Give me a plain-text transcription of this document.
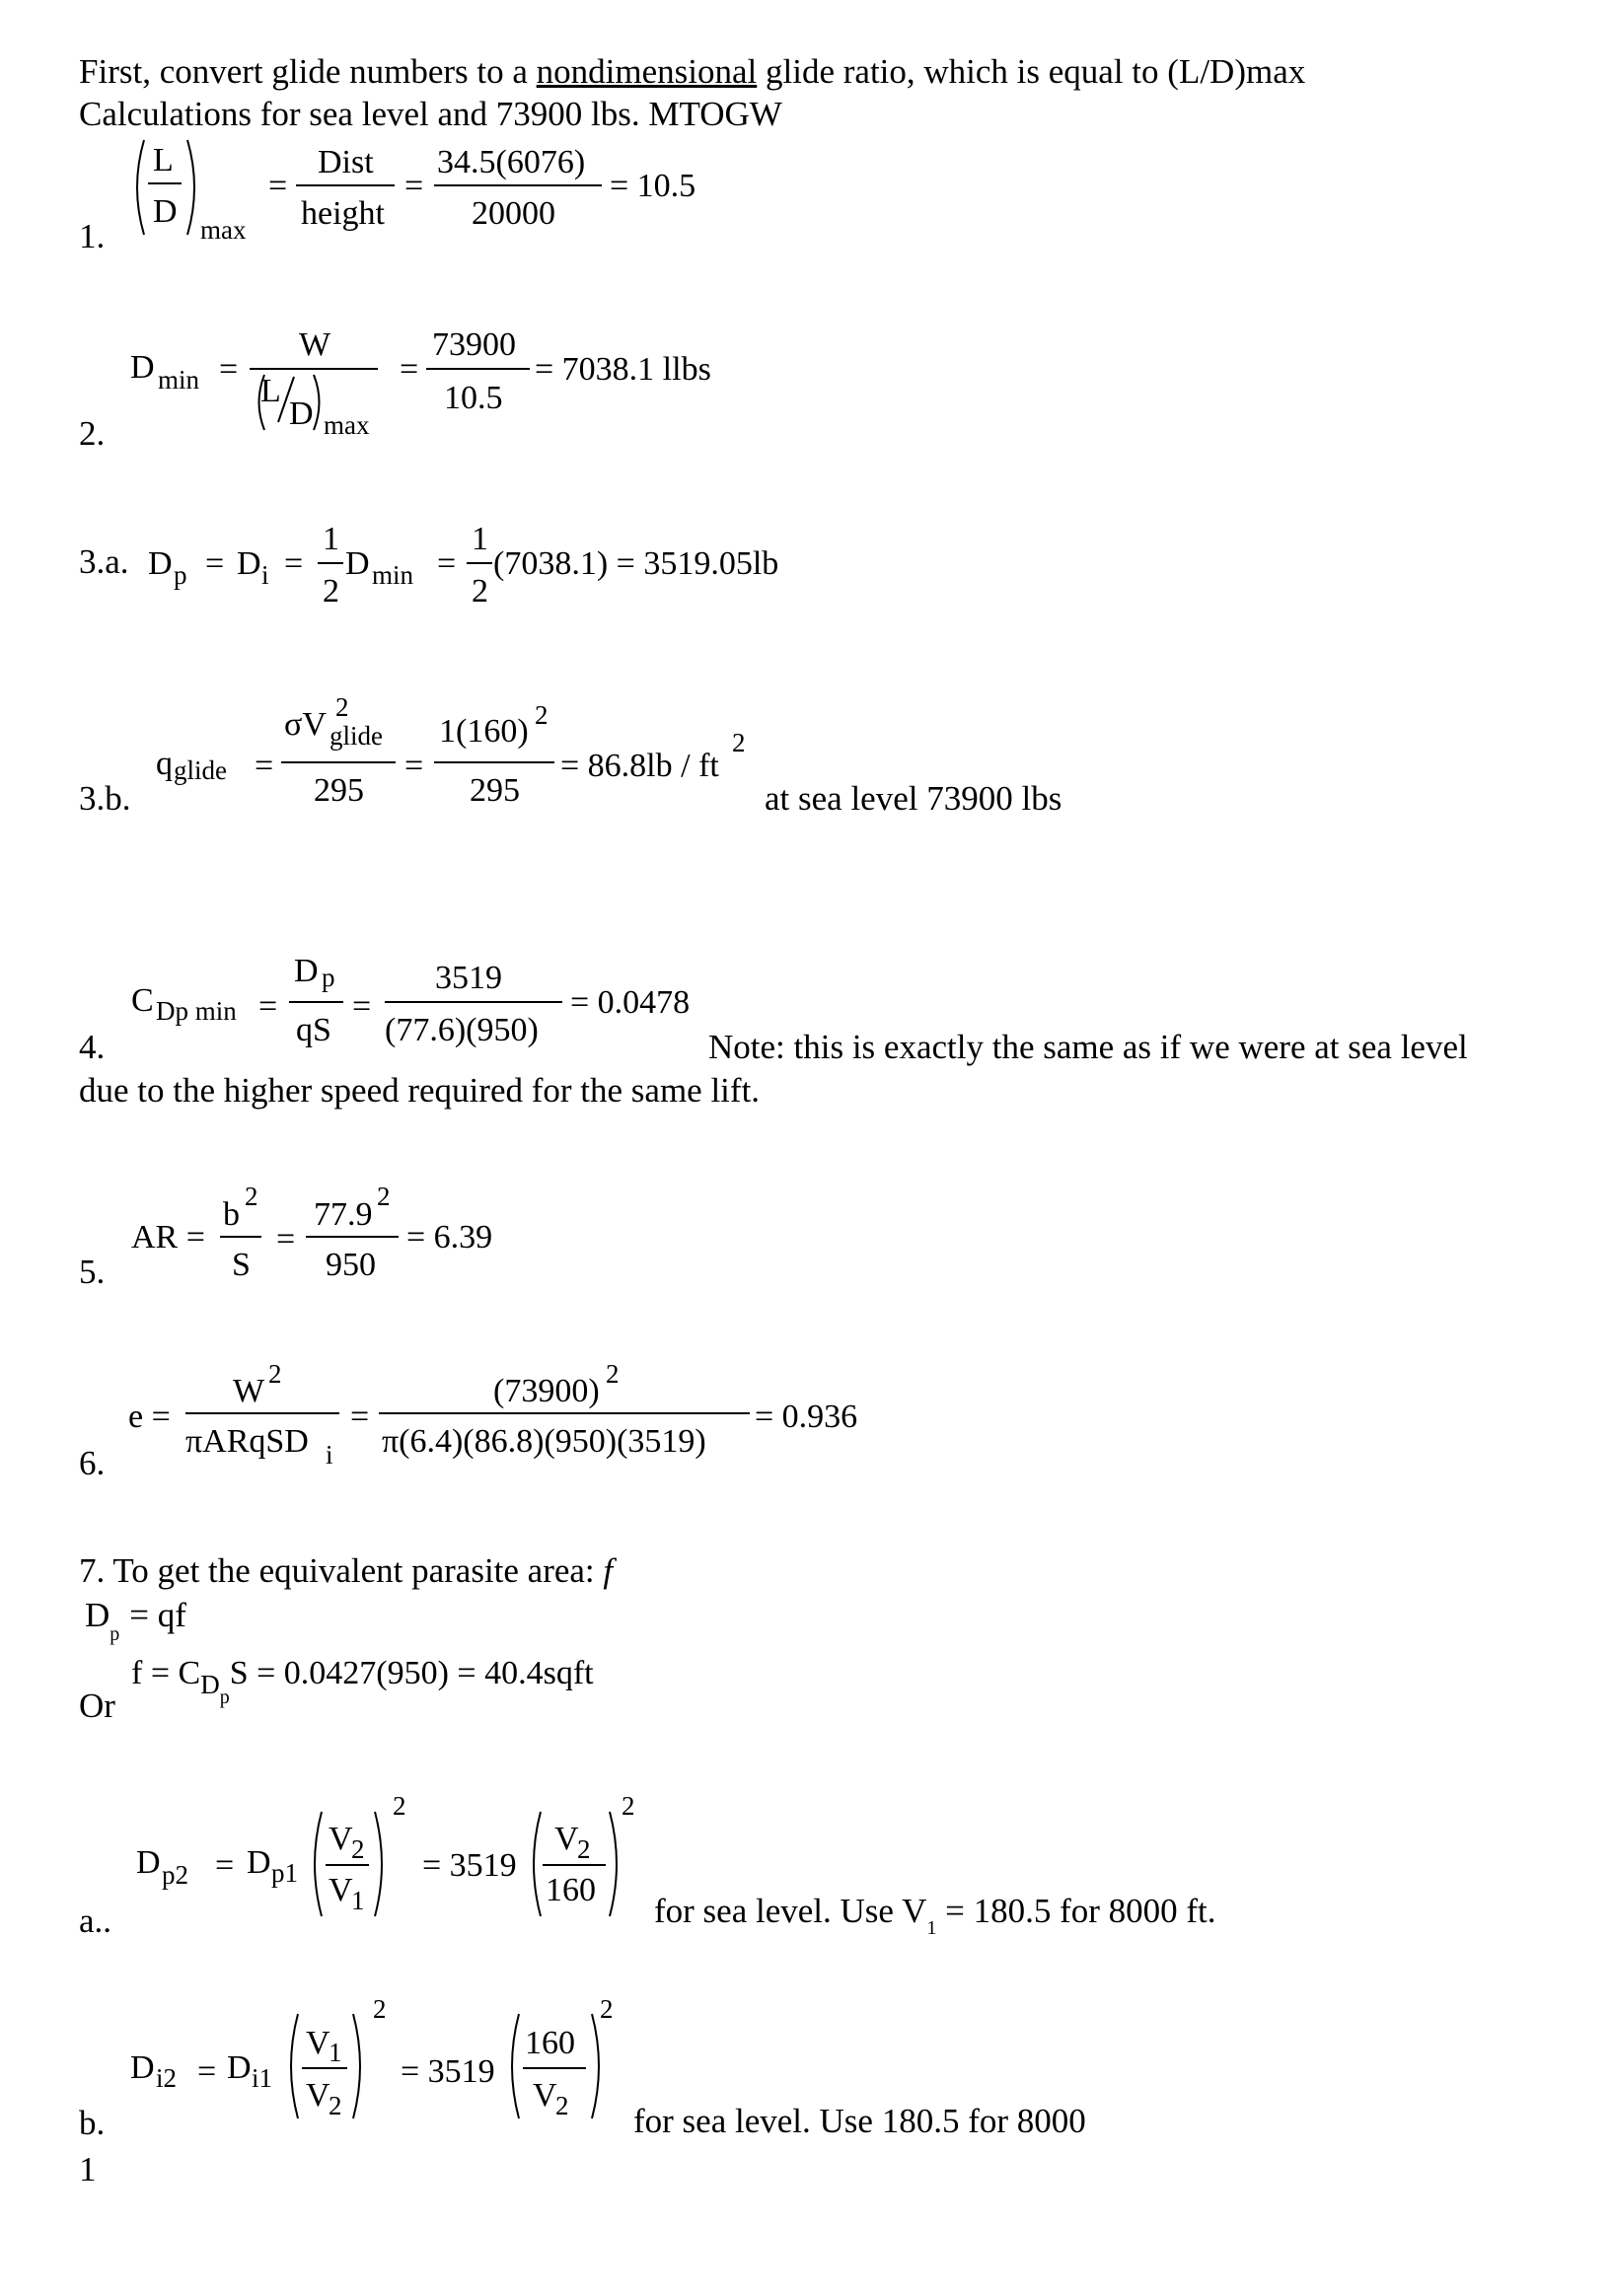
First, convert glide numbers to a nondimensional glide ratio, which is equal to (L/D)max
Calculations for sea level and 73900 lbs. MTOGW
1.
L
D max
=
Dist
height
=
34.5(6076)
20000
= 10.5
2.
D min =
W
L
D max
=
73900
10.5
= 7038.1 llbs
3.a. D p = D i =
1
2
D min =
1
2
(7038.1) = 3519.05lb
3.b.
q glide =
σV 2
glide
295
=
1(160) 2
295
= 86.8lb / ft
2
at sea level 73900 lbs
4.
C Dp min =
D p
qS
=
3519
(77.6)(950)
= 0.0478
Note: this is exactly the same as if we were at sea level
due to the higher speed required for the same lift.
5.
AR =
b 2
S
=
77.9 2
950
= 6.39
6.
e =
W 2
πARqSD i
=
(73900) 2
π(6.4)(86.8)(950)(3519)
= 0.936
7. To get the equivalent parasite area: f
$D_p$ = qf
$f = C_{Dp}S = 0.0427(950)$ = 40.4sqft
Or
a..
D p2 = D p1
V
2
V
1
2
= 3519
V
2
160
2
for sea level. Use $V_1 = 180.5$ for 8000 ft.
b.
D i2 = D i1
V
1
V
2
2
= 3519
160
V
2
2
for sea level. Use 180.5 for 8000
1
